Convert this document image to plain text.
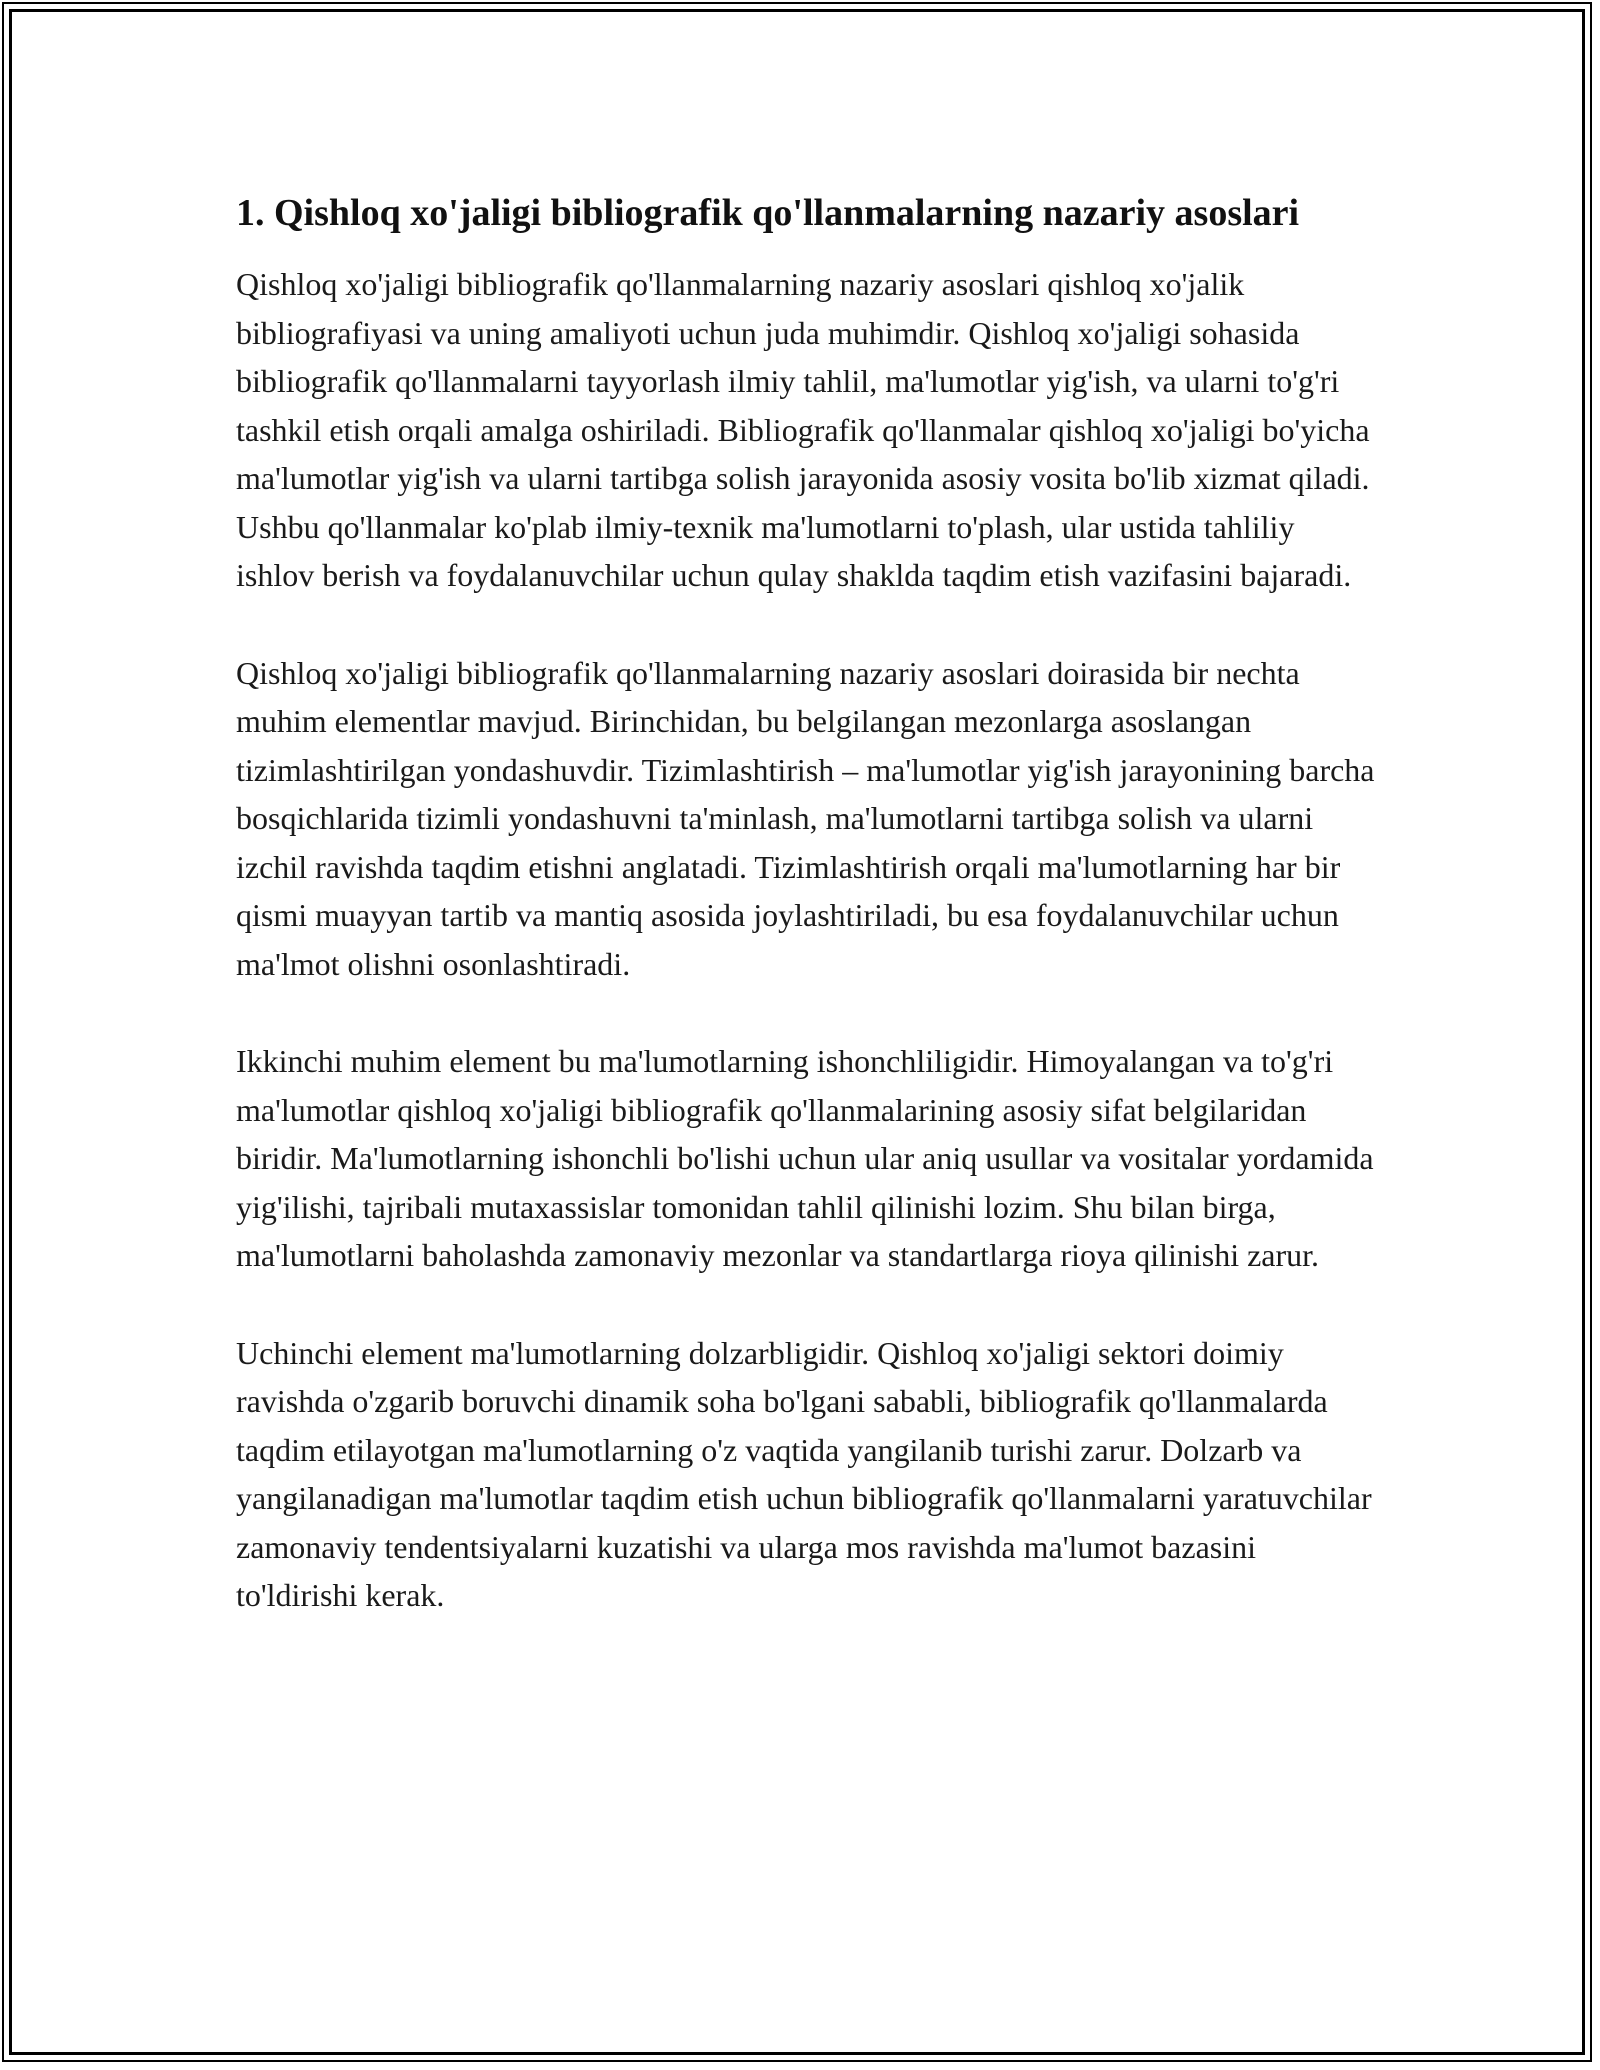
1. Qishloq xo'jaligi bibliografik qo'llanmalarning nazariy asoslari

Qishloq xo'jaligi bibliografik qo'llanmalarning nazariy asoslari qishloq xo'jalik bibliografiyasi va uning amaliyoti uchun juda muhimdir. Qishloq xo'jaligi sohasida bibliografik qo'llanmalarni tayyorlash ilmiy tahlil, ma'lumotlar yig'ish, va ularni to'g'ri tashkil etish orqali amalga oshiriladi. Bibliografik qo'llanmalar qishloq xo'jaligi bo'yicha ma'lumotlar yig'ish va ularni tartibga solish jarayonida asosiy vosita bo'lib xizmat qiladi. Ushbu qo'llanmalar ko'plab ilmiy-texnik ma'lumotlarni to'plash, ular ustida tahliliy ishlov berish va foydalanuvchilar uchun qulay shaklda taqdim etish vazifasini bajaradi.

Qishloq xo'jaligi bibliografik qo'llanmalarning nazariy asoslari doirasida bir nechta muhim elementlar mavjud. Birinchidan, bu belgilangan mezonlarga asoslangan tizimlashtirilgan yondashuvdir. Tizimlashtirish – ma'lumotlar yig'ish jarayonining barcha bosqichlarida tizimli yondashuvni ta'minlash, ma'lumotlarni tartibga solish va ularni izchil ravishda taqdim etishni anglatadi. Tizimlashtirish orqali ma'lumotlarning har bir qismi muayyan tartib va mantiq asosida joylashtiriladi, bu esa foydalanuvchilar uchun ma'lmot olishni osonlashtiradi.

Ikkinchi muhim element bu ma'lumotlarning ishonchliligidir. Himoyalangan va to'g'ri ma'lumotlar qishloq xo'jaligi bibliografik qo'llanmalarining asosiy sifat belgilaridan biridir. Ma'lumotlarning ishonchli bo'lishi uchun ular aniq usullar va vositalar yordamida yig'ilishi, tajribali mutaxassislar tomonidan tahlil qilinishi lozim. Shu bilan birga, ma'lumotlarni baholashda zamonaviy mezonlar va standartlarga rioya qilinishi zarur.

Uchinchi element ma'lumotlarning dolzarbligidir. Qishloq xo'jaligi sektori doimiy ravishda o'zgarib boruvchi dinamik soha bo'lgani sababli, bibliografik qo'llanmalarda taqdim etilayotgan ma'lumotlarning o'z vaqtida yangilanib turishi zarur. Dolzarb va yangilanadigan ma'lumotlar taqdim etish uchun bibliografik qo'llanmalarni yaratuvchilar zamonaviy tendentsiyalarni kuzatishi va ularga mos ravishda ma'lumot bazasini to'ldirishi kerak.
